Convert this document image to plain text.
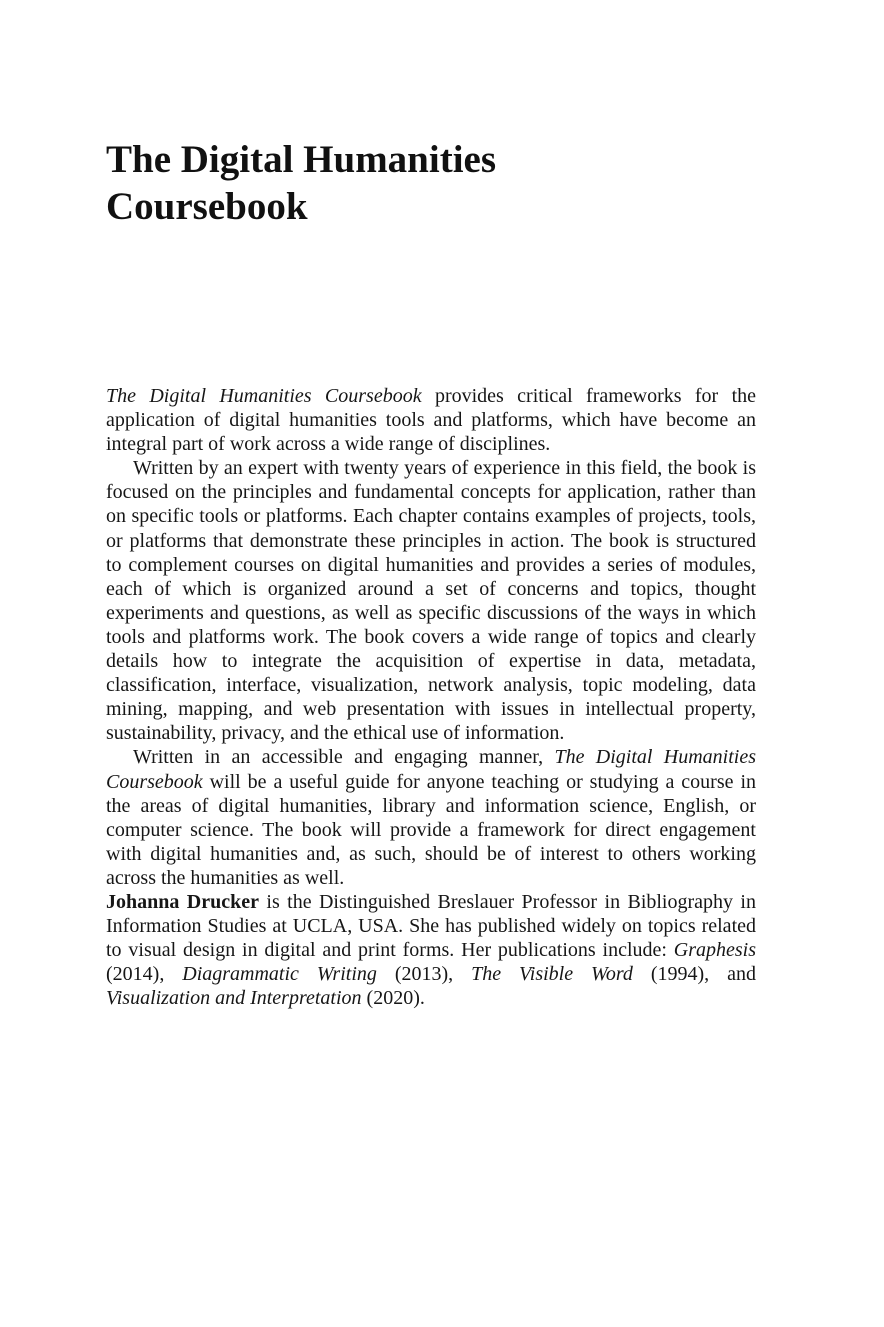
The Digital Humanities
Coursebook

The Digital Humanities Coursebook provides critical frameworks for the application of digital humanities tools and platforms, which have become an integral part of work across a wide range of disciplines.

Written by an expert with twenty years of experience in this field, the book is focused on the principles and fundamental concepts for application, rather than on specific tools or platforms. Each chapter contains examples of projects, tools, or platforms that demonstrate these principles in action. The book is structured to complement courses on digital humanities and provides a series of modules, each of which is organized around a set of concerns and topics, thought experiments and questions, as well as specific discussions of the ways in which tools and platforms work. The book covers a wide range of topics and clearly details how to integrate the acquisition of expertise in data, metadata, classification, interface, visualization, network analysis, topic modeling, data mining, mapping, and web presentation with issues in intellectual property, sustainability, privacy, and the ethical use of information.

Written in an accessible and engaging manner, The Digital Humanities Coursebook will be a useful guide for anyone teaching or studying a course in the areas of digital humanities, library and information science, English, or computer science. The book will provide a framework for direct engagement with digital humanities and, as such, should be of interest to others working across the humanities as well.

Johanna Drucker is the Distinguished Breslauer Professor in Bibliography in Information Studies at UCLA, USA. She has published widely on topics related to visual design in digital and print forms. Her publications include: Graphesis (2014), Diagrammatic Writing (2013), The Visible Word (1994), and Visualization and Interpretation (2020).
